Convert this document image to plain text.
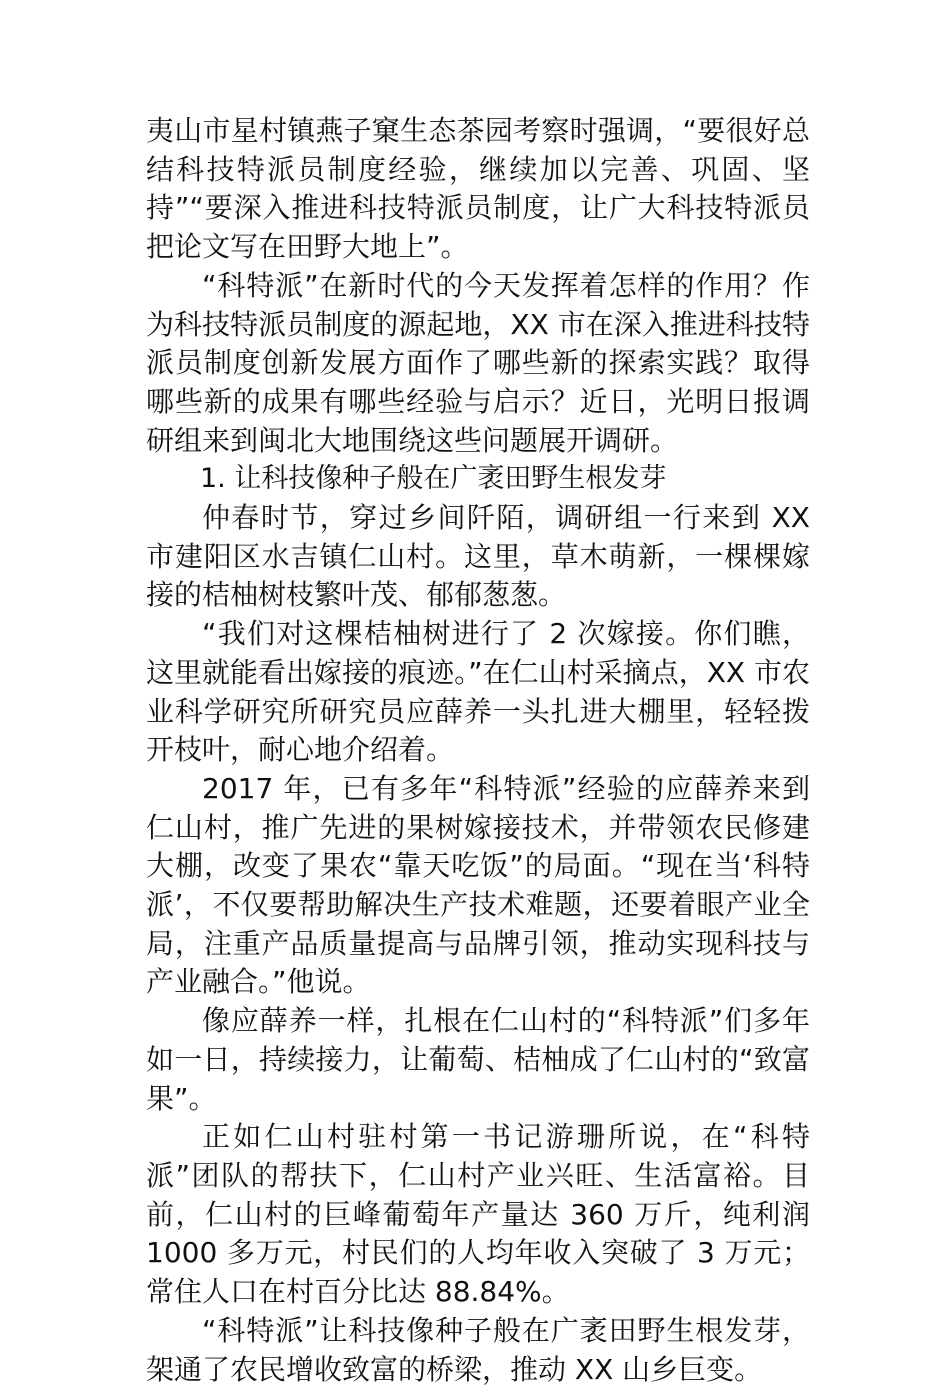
夷山市星村镇燕子窠生态茶园考察时强调，“要很好总结科技特派员制度经验，继续加以完善、巩固、坚持”“要深入推进科技特派员制度，让广大科技特派员把论文写在田野大地上”。

“科特派”在新时代的今天发挥着怎样的作用？作为科技特派员制度的源起地，XX 市在深入推进科技特派员制度创新发展方面作了哪些新的探索实践？取得哪些新的成果有哪些经验与启示？近日，光明日报调研组来到闽北大地围绕这些问题展开调研。

1. 让科技像种子般在广袤田野生根发芽

仲春时节，穿过乡间阡陌，调研组一行来到 XX 市建阳区水吉镇仁山村。这里，草木萌新，一棵棵嫁接的桔柚树枝繁叶茂、郁郁葱葱。

“我们对这棵桔柚树进行了 2 次嫁接。你们瞧，这里就能看出嫁接的痕迹。”在仁山村采摘点，XX 市农业科学研究所研究员应薛养一头扎进大棚里，轻轻拨开枝叶，耐心地介绍着。

2017 年，已有多年“科特派”经验的应薛养来到仁山村，推广先进的果树嫁接技术，并带领农民修建大棚，改变了果农“靠天吃饭”的局面。“现在当‘科特派’，不仅要帮助解决生产技术难题，还要着眼产业全局，注重产品质量提高与品牌引领，推动实现科技与产业融合。”他说。

像应薛养一样，扎根在仁山村的“科特派”们多年如一日，持续接力，让葡萄、桔柚成了仁山村的“致富果”。

正如仁山村驻村第一书记游珊所说，在“科特派”团队的帮扶下，仁山村产业兴旺、生活富裕。目前，仁山村的巨峰葡萄年产量达 360 万斤，纯利润 1000 多万元，村民们的人均年收入突破了 3 万元；常住人口在村百分比达 88.84%。

“科特派”让科技像种子般在广袤田野生根发芽，架通了农民增收致富的桥梁，推动 XX 山乡巨变。
